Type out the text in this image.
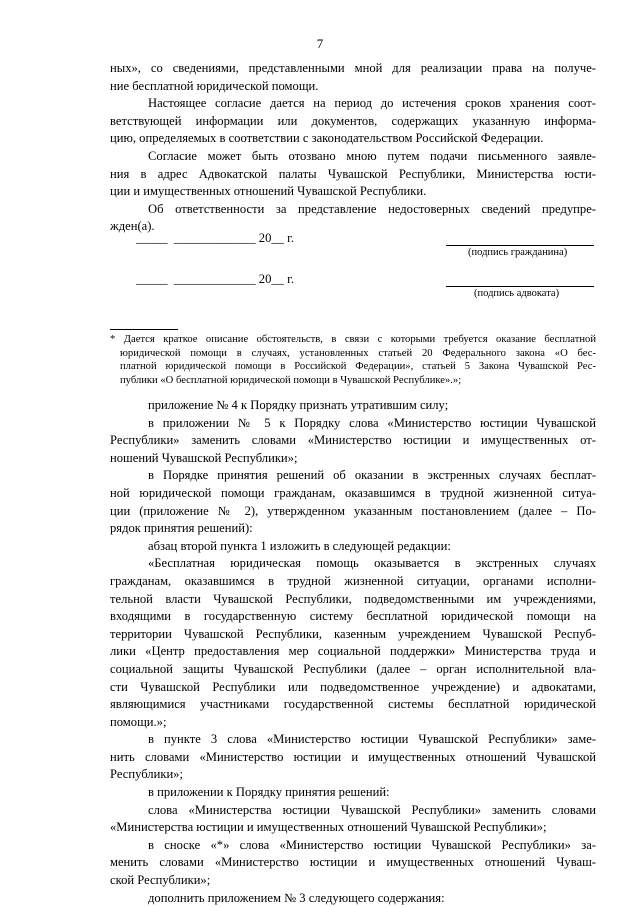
7
ных», со сведениями, представленными мной для реализации права на получе-
ние бесплатной юридической помощи.
Настоящее согласие дается на период до истечения сроков хранения соот-
ветствующей информации или документов, содержащих указанную информа-
цию, определяемых в соответствии с законодательством Российской Федерации.
Согласие может быть отозвано мною путем подачи письменного заявле-
ния в адрес Адвокатской палаты Чувашской Республики, Министерства юсти-
ции и имущественных отношений Чувашской Республики.
Об ответственности за представление недостоверных сведений предупре-
жден(а).
_____  _____________ 20__ г.
(подпись гражданина)
_____  _____________ 20__ г.
(подпись адвоката)
* Дается краткое описание обстоятельств, в связи с которыми требуется оказание бесплатной
юридической помощи в случаях, установленных статьей 20 Федерального закона «О бес-
платной юридической помощи в Российской Федерации», статьей 5 Закона Чувашской Рес-
публики «О бесплатной юридической помощи в Чувашской Республике».»;
приложение № 4 к Порядку признать утратившим силу;
в приложении № 5 к Порядку слова «Министерство юстиции Чувашской
Республики» заменить словами «Министерство юстиции и имущественных от-
ношений Чувашской Республики»;
в Порядке принятия решений об оказании в экстренных случаях бесплат-
ной юридической помощи гражданам, оказавшимся в трудной жизненной ситуа-
ции (приложение № 2), утвержденном указанным постановлением (далее – По-
рядок принятия решений):
абзац второй пункта 1 изложить в следующей редакции:
«Бесплатная юридическая помощь оказывается в экстренных случаях
гражданам, оказавшимся в трудной жизненной ситуации, органами исполни-
тельной власти Чувашской Республики, подведомственными им учреждениями,
входящими в государственную систему бесплатной юридической помощи на
территории Чувашской Республики, казенным учреждением Чувашской Респуб-
лики «Центр предоставления мер социальной поддержки» Министерства труда и
социальной защиты Чувашской Республики (далее – орган исполнительной вла-
сти Чувашской Республики или подведомственное учреждение) и адвокатами,
являющимися участниками государственной системы бесплатной юридической
помощи.»;
в пункте 3 слова «Министерство юстиции Чувашской Республики» заме-
нить словами «Министерство юстиции и имущественных отношений Чувашской
Республики»;
в приложении к Порядку принятия решений:
слова «Министерства юстиции Чувашской Республики» заменить словами
«Министерства юстиции и имущественных отношений Чувашской Республики»;
в сноске «*» слова «Министерство юстиции Чувашской Республики» за-
менить словами «Министерство юстиции и имущественных отношений Чуваш-
ской Республики»;
дополнить приложением № 3 следующего содержания:
